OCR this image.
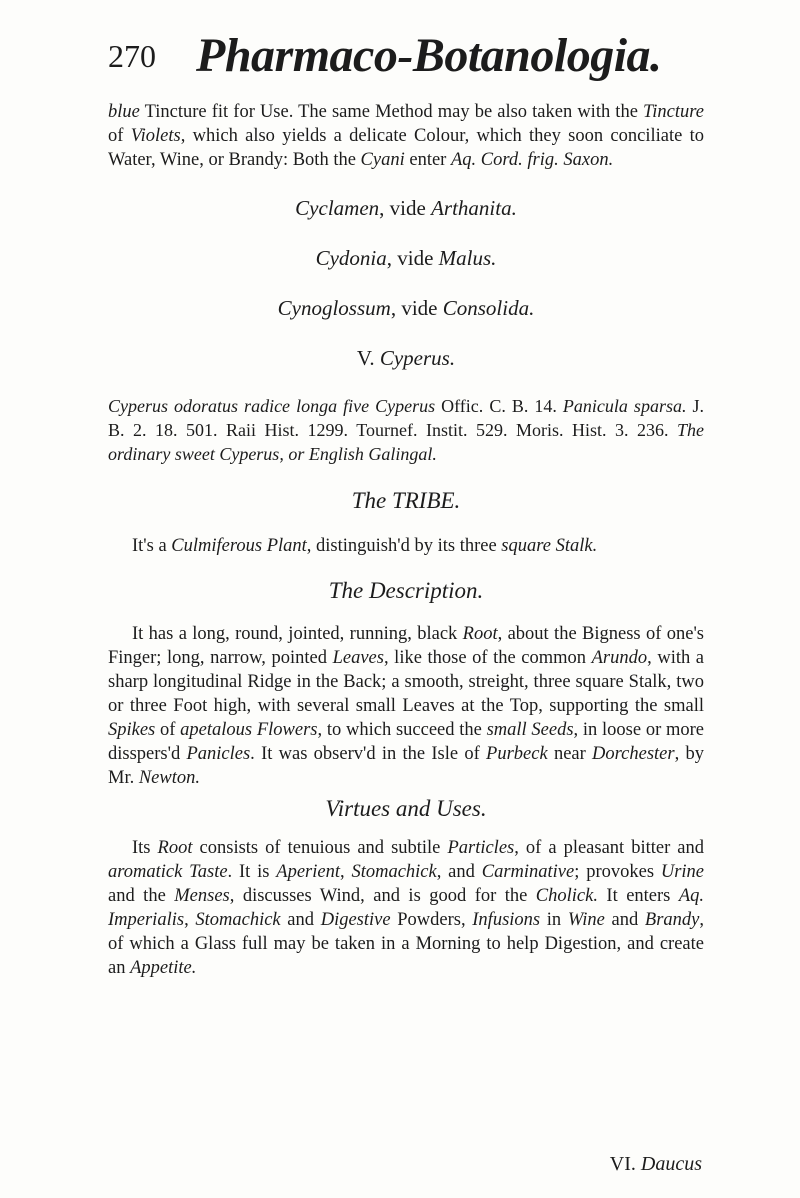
270 Pharmaco-Botanologia.

blue Tincture fit for Use. The same Method may be also taken with the Tincture of Violets, which also yields a delicate Colour, which they soon conciliate to Water, Wine, or Brandy: Both the Cyani enter Aq. Cord. frig. Saxon.

Cyclamen, vide Arthanita.

Cydonia, vide Malus.

Cynoglossum, vide Consolida.

V. Cyperus.

Cyperus odoratus radice longa five Cyperus Offic. C. B. 14. Panicula sparsa. J. B. 2. 18. 501. Raii Hist. 1299. Tournef. Instit. 529. Moris. Hist. 3. 236. The ordinary sweet Cyperus, or English Galingal.

The TRIBE.

It's a Culmiferous Plant, distinguish'd by its three square Stalk.

The Description.

It has a long, round, jointed, running, black Root, about the Bigness of one's Finger; long, narrow, pointed Leaves, like those of the common Arundo, with a sharp longitudinal Ridge in the Back; a smooth, streight, three square Stalk, two or three Foot high, with several small Leaves at the Top, supporting the small Spikes of apetalous Flowers, to which succeed the small Seeds, in loose or more disspers'd Panicles. It was observ'd in the Isle of Purbeck near Dorchester, by Mr. Newton.

Virtues and Uses.

Its Root consists of tenuious and subtile Particles, of a pleasant bitter and aromatick Taste. It is Aperient, Stomachick, and Carminative; provokes Urine and the Menses, discusses Wind, and is good for the Cholick. It enters Aq. Imperialis, Stomachick and Digestive Powders, Infusions in Wine and Brandy, of which a Glass full may be taken in a Morning to help Digestion, and create an Appetite.

VI. Daucus
